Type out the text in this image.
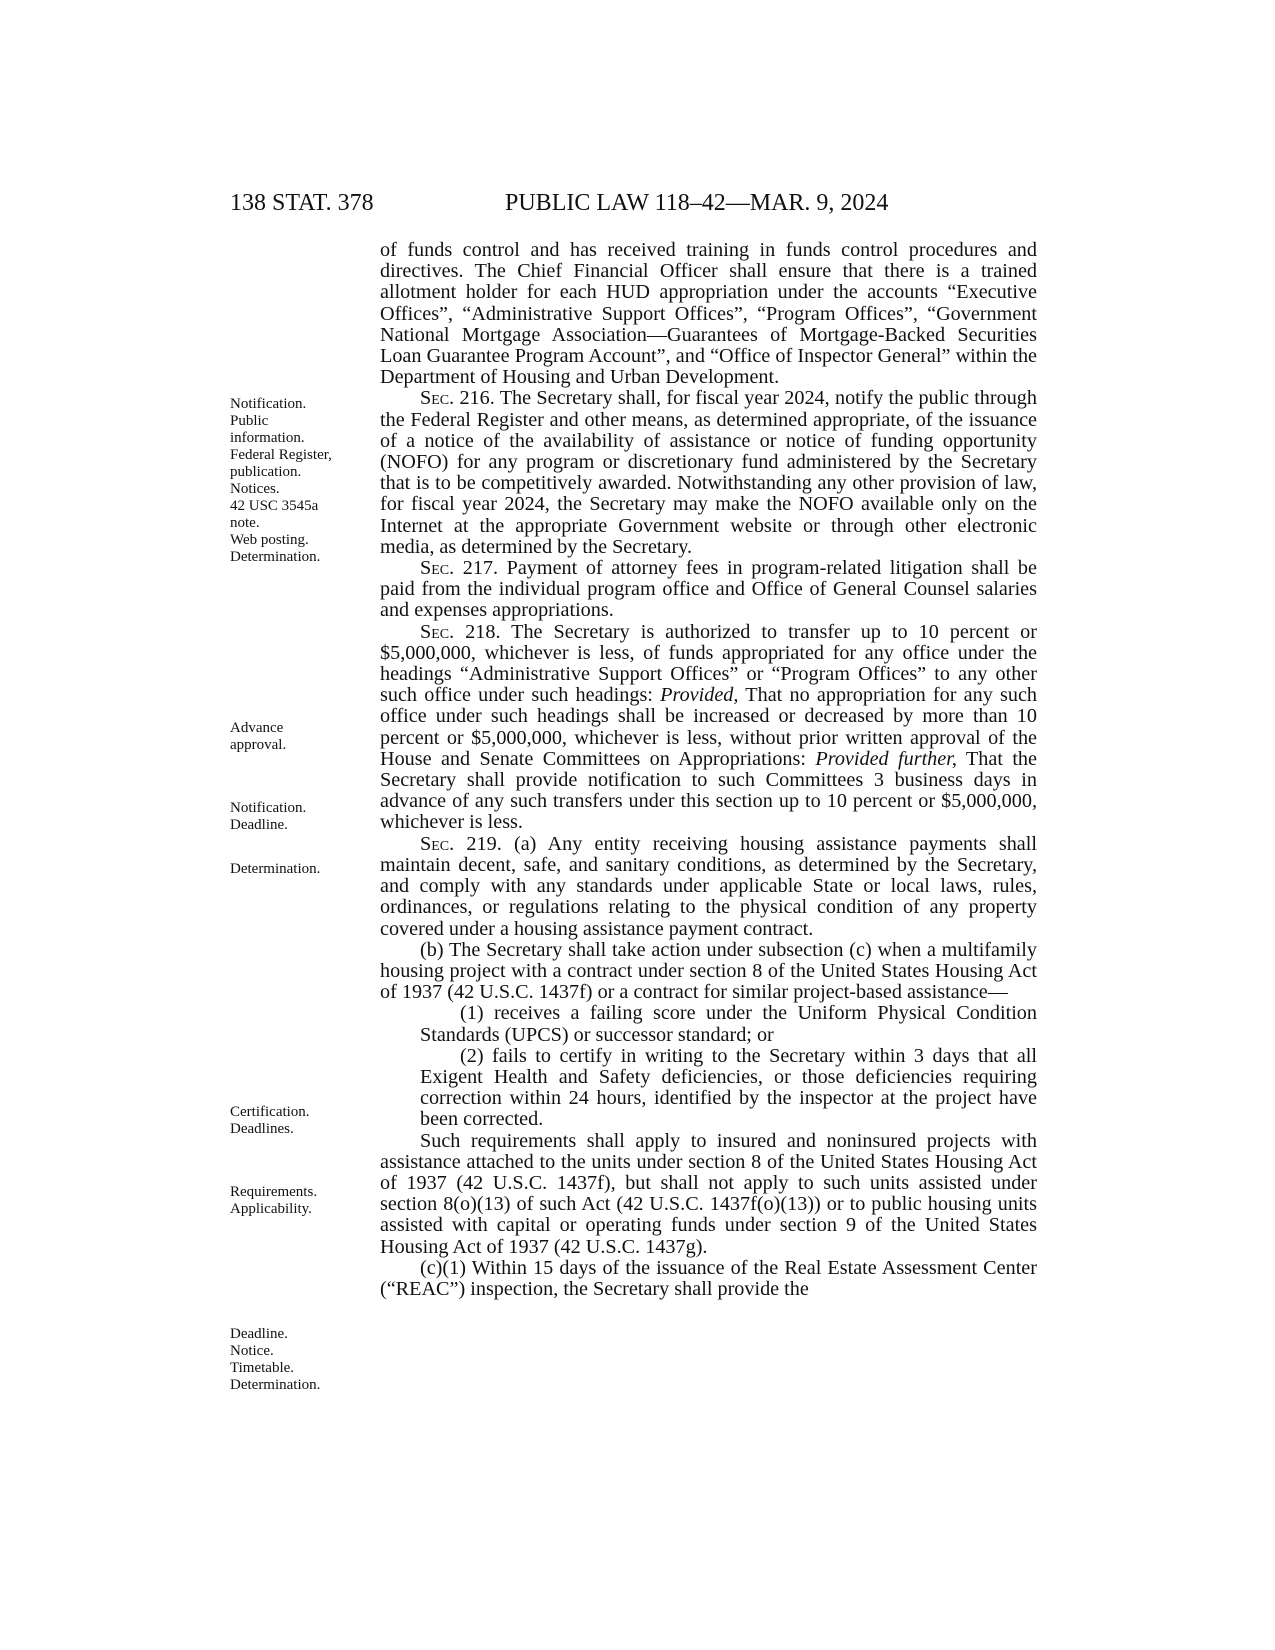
138 STAT. 378	PUBLIC LAW 118–42—MAR. 9, 2024
Notification.
Public
information.
Federal Register,
publication.
Notices.
42 USC 3545a
note.
Web posting.
Determination.
Advance
approval.
Notification.
Deadline.
Determination.
Certification.
Deadlines.
Requirements.
Applicability.
Deadline.
Notice.
Timetable.
Determination.

of funds control and has received training in funds control procedures and directives. The Chief Financial Officer shall ensure that there is a trained allotment holder for each HUD appropriation under the accounts “Executive Offices”, “Administrative Support Offices”, “Program Offices”, “Government National Mortgage Association—Guarantees of Mortgage-Backed Securities Loan Guarantee Program Account”, and “Office of Inspector General” within the Department of Housing and Urban Development.

Sec. 216. The Secretary shall, for fiscal year 2024, notify the public through the Federal Register and other means, as determined appropriate, of the issuance of a notice of the availability of assistance or notice of funding opportunity (NOFO) for any program or discretionary fund administered by the Secretary that is to be competitively awarded. Notwithstanding any other provision of law, for fiscal year 2024, the Secretary may make the NOFO available only on the Internet at the appropriate Government website or through other electronic media, as determined by the Secretary.

Sec. 217. Payment of attorney fees in program-related litigation shall be paid from the individual program office and Office of General Counsel salaries and expenses appropriations.

Sec. 218. The Secretary is authorized to transfer up to 10 percent or $5,000,000, whichever is less, of funds appropriated for any office under the headings “Administrative Support Offices” or “Program Offices” to any other such office under such headings: Provided, That no appropriation for any such office under such headings shall be increased or decreased by more than 10 percent or $5,000,000, whichever is less, without prior written approval of the House and Senate Committees on Appropriations: Provided further, That the Secretary shall provide notification to such Committees 3 business days in advance of any such transfers under this section up to 10 percent or $5,000,000, whichever is less.

Sec. 219. (a) Any entity receiving housing assistance payments shall maintain decent, safe, and sanitary conditions, as determined by the Secretary, and comply with any standards under applicable State or local laws, rules, ordinances, or regulations relating to the physical condition of any property covered under a housing assistance payment contract.

(b) The Secretary shall take action under subsection (c) when a multifamily housing project with a contract under section 8 of the United States Housing Act of 1937 (42 U.S.C. 1437f) or a contract for similar project-based assistance—

(1) receives a failing score under the Uniform Physical Condition Standards (UPCS) or successor standard; or

(2) fails to certify in writing to the Secretary within 3 days that all Exigent Health and Safety deficiencies, or those deficiencies requiring correction within 24 hours, identified by the inspector at the project have been corrected.

Such requirements shall apply to insured and noninsured projects with assistance attached to the units under section 8 of the United States Housing Act of 1937 (42 U.S.C. 1437f), but shall not apply to such units assisted under section 8(o)(13) of such Act (42 U.S.C. 1437f(o)(13)) or to public housing units assisted with capital or operating funds under section 9 of the United States Housing Act of 1937 (42 U.S.C. 1437g).

(c)(1) Within 15 days of the issuance of the Real Estate Assessment Center (“REAC”) inspection, the Secretary shall provide the
